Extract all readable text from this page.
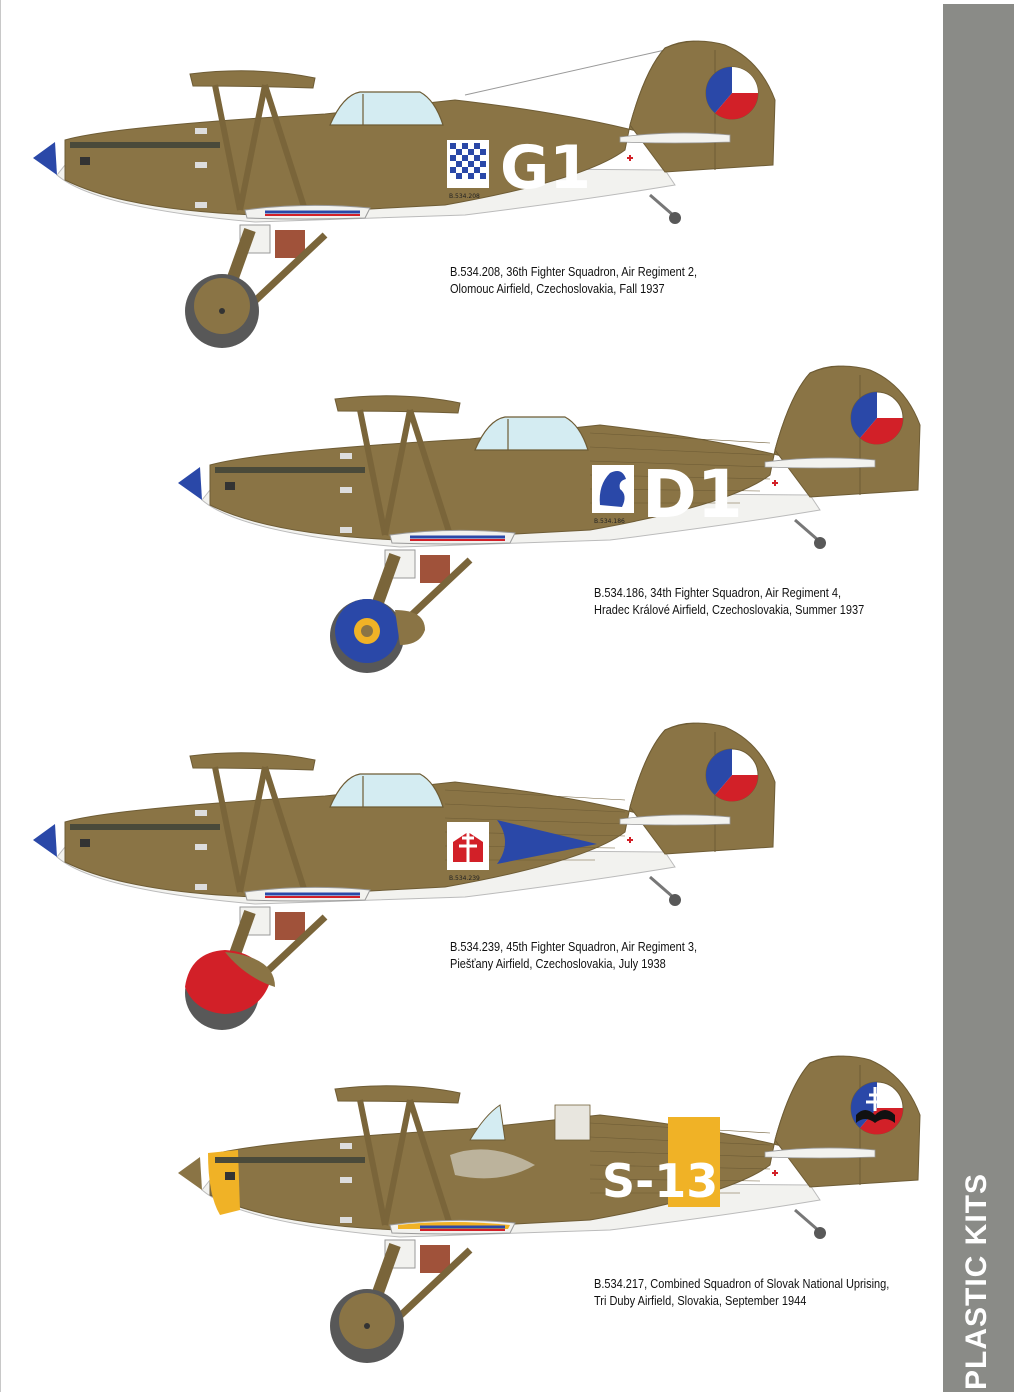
PLASTIC KITS
B.534.208 G1
B.534.208, 36th Fighter Squadron, Air Regiment 2,
Olomouc Airfield, Czechoslovakia, Fall 1937
B.534.186 D1
B.534.186, 34th Fighter Squadron, Air Regiment 4,
Hradec Králové Airfield, Czechoslovakia, Summer 1937
B.534.239
B.534.239, 45th Fighter Squadron, Air Regiment 3,
Piešťany Airfield, Czechoslovakia, July 1938
S-13
B.534.217, Combined Squadron of Slovak National Uprising,
Tri Duby Airfield, Slovakia, September 1944
